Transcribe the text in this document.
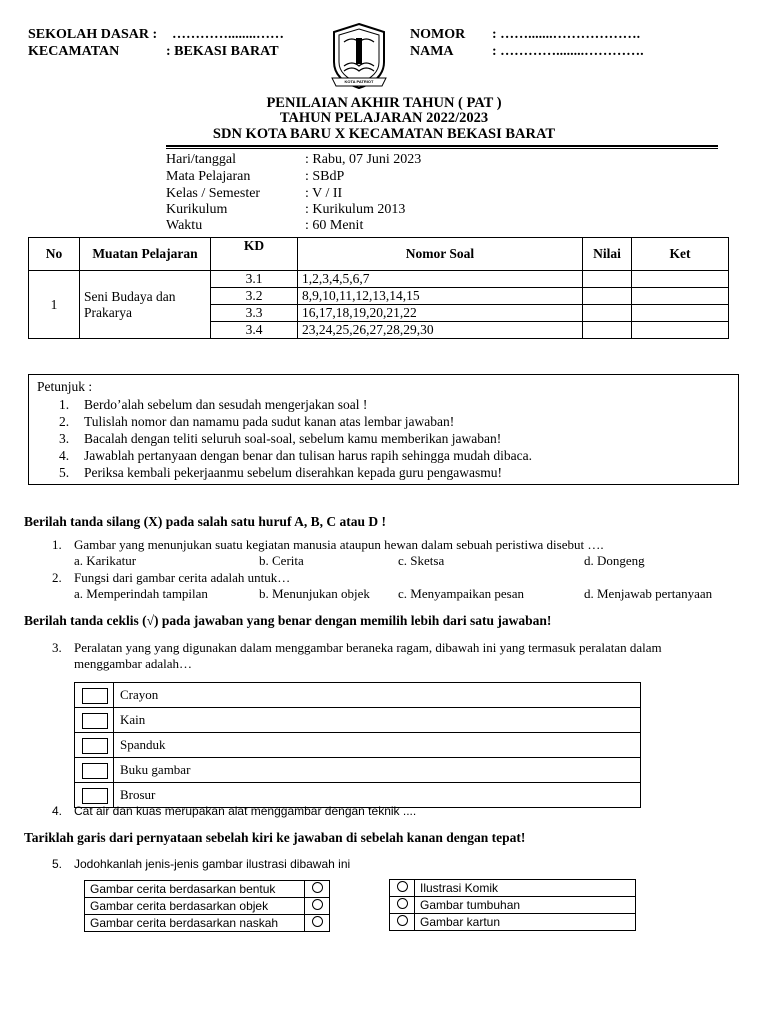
SEKOLAH DASAR : …………........……
KECAMATAN	: BEKASI BARAT
NOMOR : …….......……………….
NAMA	: …………........………….
KOTA PATRIOT
PENILAIAN AKHIR TAHUN ( PAT )
TAHUN PELAJARAN 2022/2023
SDN KOTA BARU X KECAMATAN BEKASI BARAT
Hari/tanggal	: Rabu, 07 Juni 2023
Mata Pelajaran	: SBdP
Kelas / Semester	: V / II
Kurikulum	: Kurikulum 2013
Waktu	: 60 Menit
No	Muatan Pelajaran	KD	Nomor Soal	Nilai	Ket
1	Seni Budaya dan Prakarya	3.1	1,2,3,4,5,6,7		
		3.2	8,9,10,11,12,13,14,15		
		3.3	16,17,18,19,20,21,22		
		3.4	23,24,25,26,27,28,29,30		
Petunjuk :
1. Berdo’alah sebelum dan sesudah mengerjakan soal !
2. Tulislah nomor dan namamu pada sudut kanan atas lembar jawaban!
3. Bacalah dengan teliti seluruh soal-soal, sebelum kamu memberikan jawaban!
4. Jawablah pertanyaan dengan benar dan tulisan harus rapih sehingga mudah dibaca.
5. Periksa kembali pekerjaanmu sebelum diserahkan kepada guru pengawasmu!
Berilah tanda silang (X) pada salah satu huruf A, B, C atau D !
1. Gambar yang menunjukan suatu kegiatan manusia ataupun hewan dalam sebuah peristiwa disebut ….
a. Karikatur	b. Cerita	c. Sketsa	d. Dongeng
2. Fungsi dari gambar cerita adalah untuk…
a. Memperindah tampilan	b. Menunjukan objek c. Menyampaikan pesan	d. Menjawab pertanyaan
Berilah tanda ceklis (√) pada jawaban yang benar dengan memilih lebih dari satu jawaban!
3. Peralatan yang yang digunakan dalam menggambar beraneka ragam, dibawah ini yang termasuk peralatan dalam
menggambar adalah…
	Crayon
	Kain
	Spanduk
	Buku gambar
	Brosur
4. Cat air dan kuas merupakan alat menggambar dengan teknik ....
Tariklah garis dari pernyataan sebelah kiri ke jawaban di sebelah kanan dengan tepat!
5. Jodohkanlah jenis-jenis gambar ilustrasi dibawah ini
Gambar cerita berdasarkan bentuk	
Gambar cerita berdasarkan objek	
Gambar cerita berdasarkan naskah	
	Ilustrasi Komik
	Gambar tumbuhan
	Gambar kartun
